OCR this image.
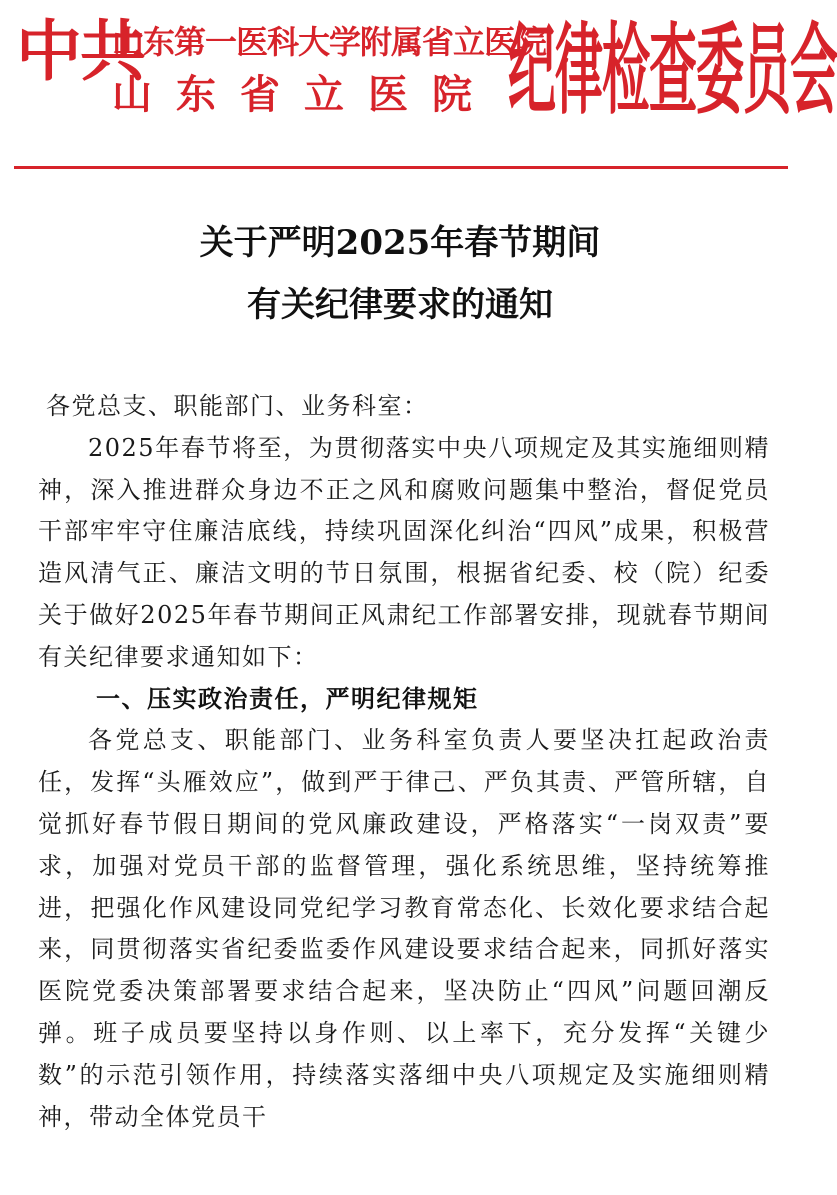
中共
山东第一医科大学附属省立医院
山东省立医院 纪律检查委员会
关于严明2025年春节期间
有关纪律要求的通知

各党总支、职能部门、业务科室：

2025年春节将至，为贯彻落实中央八项规定及其实施细则精神，深入推进群众身边不正之风和腐败问题集中整治，督促党员干部牢牢守住廉洁底线，持续巩固深化纠治“四风”成果，积极营造风清气正、廉洁文明的节日氛围，根据省纪委、校（院）纪委关于做好2025年春节期间正风肃纪工作部署安排，现就春节期间有关纪律要求通知如下：

一、压实政治责任，严明纪律规矩

各党总支、职能部门、业务科室负责人要坚决扛起政治责任，发挥“头雁效应”，做到严于律己、严负其责、严管所辖，自觉抓好春节假日期间的党风廉政建设，严格落实“一岗双责”要求，加强对党员干部的监督管理，强化系统思维，坚持统筹推进，把强化作风建设同党纪学习教育常态化、长效化要求结合起来，同贯彻落实省纪委监委作风建设要求结合起来，同抓好落实医院党委决策部署要求结合起来，坚决防止“四风”问题回潮反弹。班子成员要坚持以身作则、以上率下，充分发挥“关键少数”的示范引领作用，持续落实落细中央八项规定及实施细则精神，带动全体党员干
